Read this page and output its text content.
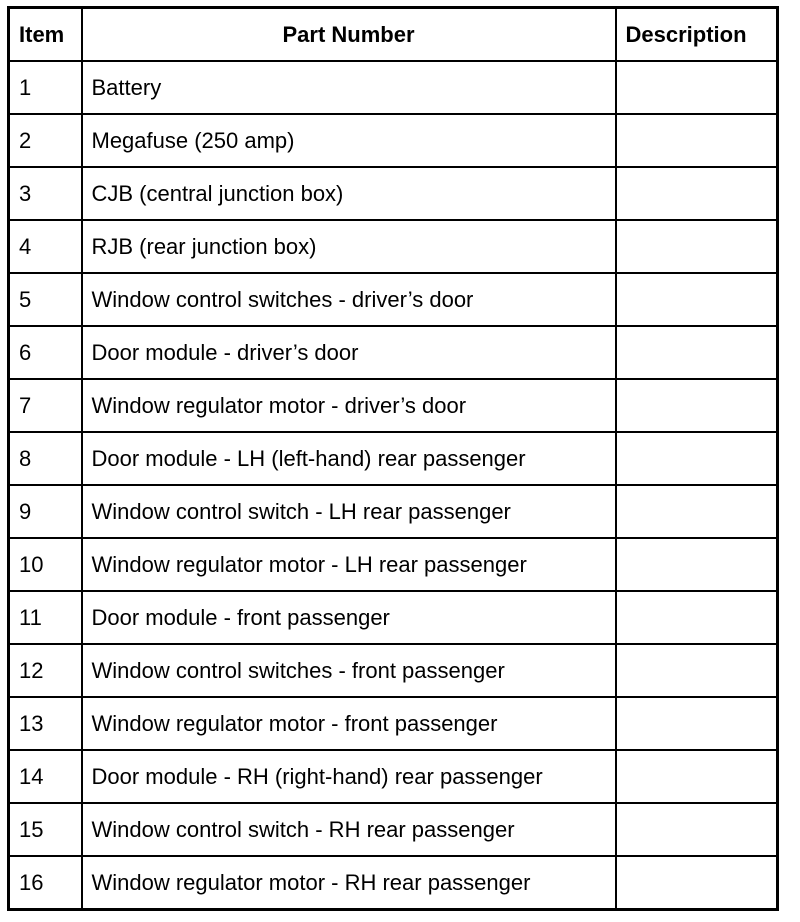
Item	Part Number	Description
1	Battery	
2	Megafuse (250 amp)	
3	CJB (central junction box)	
4	RJB (rear junction box)	
5	Window control switches - driver’s door	
6	Door module - driver’s door	
7	Window regulator motor - driver’s door	
8	Door module - LH (left-hand) rear passenger	
9	Window control switch - LH rear passenger	
10	Window regulator motor - LH rear passenger	
11	Door module - front passenger	
12	Window control switches - front passenger	
13	Window regulator motor - front passenger	
14	Door module - RH (right-hand) rear passenger	
15	Window control switch - RH rear passenger	
16	Window regulator motor - RH rear passenger	
